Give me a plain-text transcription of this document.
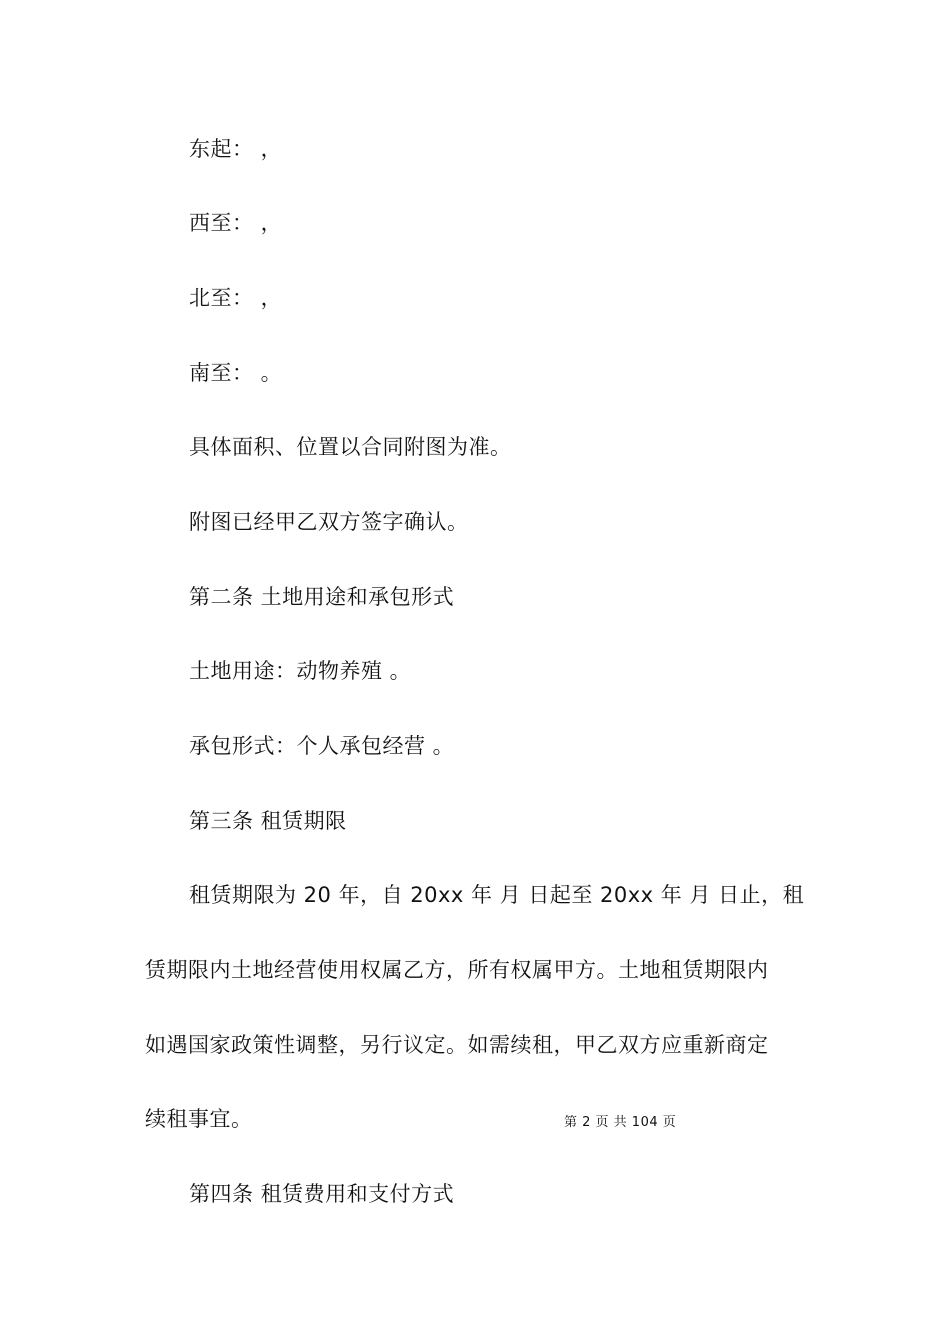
东起： ，
西至： ，
北至： ，
南至： 。
具体面积、位置以合同附图为准。
附图已经甲乙双方签字确认。
第二条 土地用途和承包形式
土地用途：动物养殖 。
承包形式：个人承包经营 。
第三条 租赁期限
租赁期限为 20 年，自 20xx 年 月 日起至 20xx 年 月 日止，租
赁期限内土地经营使用权属乙方，所有权属甲方。土地租赁期限内
如遇国家政策性调整，另行议定。如需续租，甲乙双方应重新商定
续租事宜。	第 2 页 共 104 页
第四条 租赁费用和支付方式
